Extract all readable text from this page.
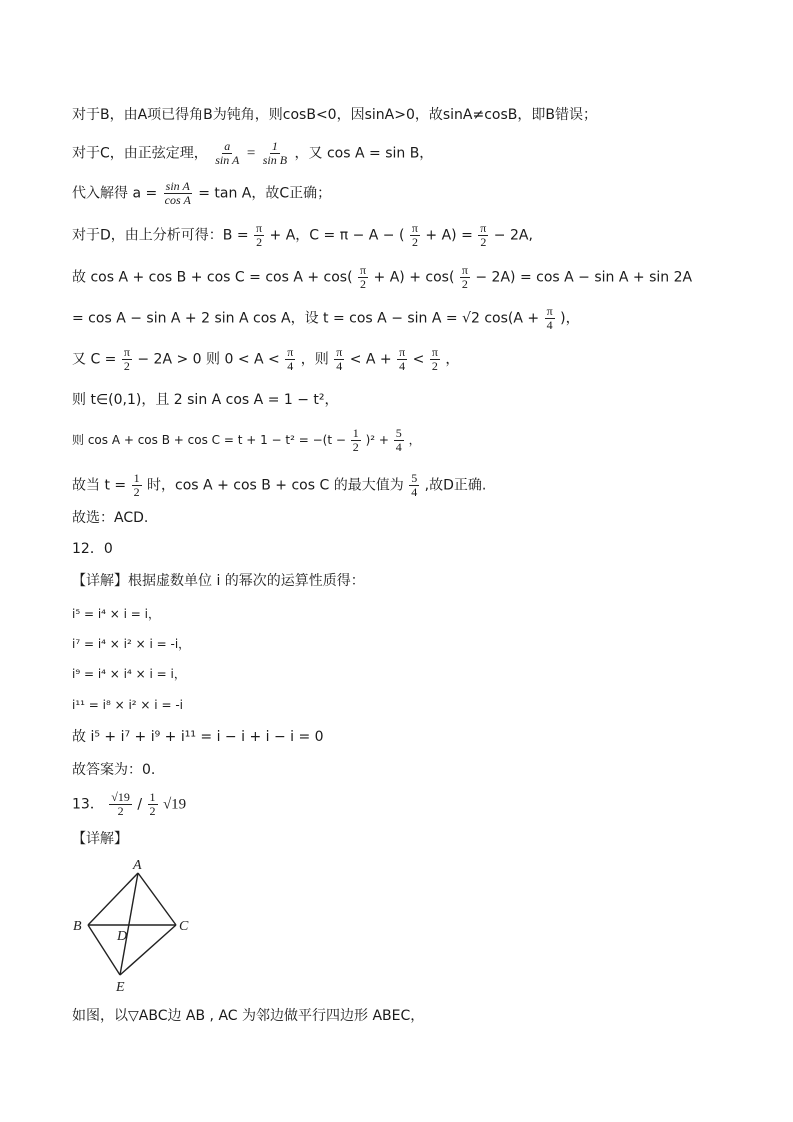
对于B，由A项已得角B为钝角，则cosB<0，因sinA>0，故sinA≠cosB，即B错误；
对于C，由正弦定理， $\frac{a}{\text{sin A}} = \frac{1}{\text{sin B}}$ ，又 cos A = sin B，
代入解得 $a = \frac{\text{sin A}}{\text{cos A}} = \tan A$，故C正确；
对于D，由上分析可得：$B = \frac{\pi}{2} + A$，C = π − A − ( $\frac{\pi}{2} + A) = \frac{\pi}{2} - 2A$,
故 $\cos A + \cos B + \cos C = \cos A + \cos( \frac{\pi}{2} + A) + \cos( \frac{\pi}{2} - 2A) = \cos A - \sin A + \sin 2A$
= cos A − sin A + 2 sin A cos A，设 t = cos A − sin A = √2 $\cos(A + \frac{\pi}{4}$ )，
又 $C = \frac{\pi}{2} - 2A > 0$ 则 $0 < A < \frac{\pi}{4}$ ，则 $\frac{\pi}{4} < A + \frac{\pi}{4} < \frac{\pi}{2}$ ，
则 t∈(0,1)，且 2 sin A cos A = 1 − t²，
则 $\cos A + \cos B + \cos C = t + 1 - t^2 = -(t - \frac{1}{2} )^2 + \frac{5}{4}$ ，
故当 $t = \frac{1}{2}$ 时，cos A + cos B + cos C 的最大值为 $\frac{5}{4}$ ,故D正确.
故选：ACD.
12．0
【详解】根据虚数单位 i 的幂次的运算性质得：
i⁵ = i⁴ × i = i，
i⁷ = i⁴ × i² × i = -i，
i⁹ = i⁴ × i⁴ × i = i，
i¹¹ = i⁸ × i² × i = -i
故 i⁵ + i⁷ + i⁹ + i¹¹ = i − i + i − i = 0
故答案为：0.
13． $\frac{√19}{2} / \frac{1}{2} √19$
【详解】
A
B	C
D
E
如图，以▽ABC边 AB , AC 为邻边做平行四边形 ABEC，
